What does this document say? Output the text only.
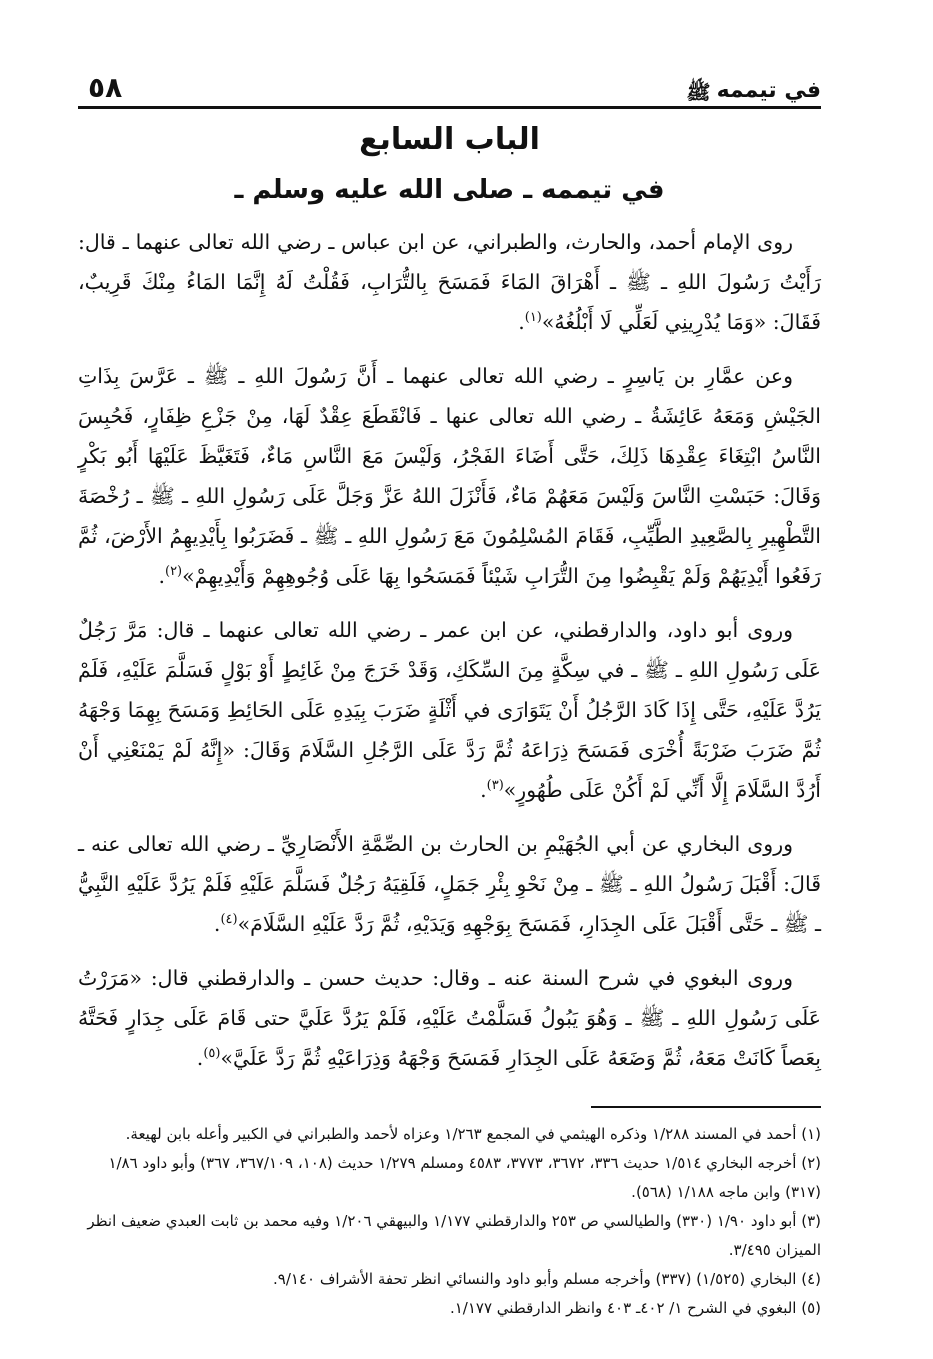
في تيممه
ﷺ
٥٨
الباب السابع
في تيممه ـ صلى الله عليه وسلم ـ

روى الإمام أحمد، والحارث، والطبراني، عن ابن عباس ـ رضي الله تعالى عنهما ـ قال: رَأَيْتُ رَسُولَ اللهِ ـ ﷺ ـ أَهْرَاقَ المَاءَ فَمَسَحَ بِالتُّرَابِ، فَقُلْتُ لَهُ إِنَّمَا المَاءُ مِنْكَ قَرِيبٌ، فَقَالَ: «وَمَا يُدْرِينِي لَعَلِّي لَا أَبْلُغُهُ»$^{(١)}$.

وعن عمَّارِ بن يَاسِرٍ ـ رضي الله تعالى عنهما ـ أَنَّ رَسُولَ اللهِ ـ ﷺ ـ عَرَّسَ بِذَاتِ الجَيْشِ وَمَعَهُ عَائِشَةُ ـ رضي الله تعالى عنها ـ فَانْقَطَعَ عِقْدٌ لَهَا، مِنْ جَزْعِ ظِفَارٍ، فَحُبِسَ النَّاسُ ابْتِغَاءَ عِقْدِهَا ذَلِكَ، حَتَّى أَضَاءَ الفَجْرُ، وَلَيْسَ مَعَ النَّاسِ مَاءٌ، فَتَغَيَّظَ عَلَيْهَا أَبُو بَكْرٍ وَقَالَ: حَبَسْتِ النَّاسَ وَلَيْسَ مَعَهُمْ مَاءٌ، فَأَنْزَلَ اللهُ عَزَّ وَجَلَّ عَلَى رَسُولِ اللهِ ـ ﷺ ـ رُخْصَةَ التَّطْهِيرِ بِالصَّعِيدِ الطَّيِّبِ، فَقَامَ المُسْلِمُونَ مَعَ رَسُولِ اللهِ ـ ﷺ ـ فَضَرَبُوا بِأَيْدِيهِمُ الأَرْضَ، ثُمَّ رَفَعُوا أَيْدِيَهُمْ وَلَمْ يَقْبِضُوا مِنَ التُّرَابِ شَيْئاً فَمَسَحُوا بِهَا عَلَى وُجُوهِهِمْ وَأَيْدِيهِمْ»$^{(٢)}$.

وروى أبو داود، والدارقطني، عن ابن عمر ـ رضي الله تعالى عنهما ـ قال: مَرَّ رَجُلٌ عَلَى رَسُولِ اللهِ ـ ﷺ ـ في سِكَّةٍ مِنَ السِّكَكِ، وَقَدْ خَرَجَ مِنْ غَائِطٍ أَوْ بَوْلٍ فَسَلَّمَ عَلَيْهِ، فَلَمْ يَرُدَّ عَلَيْهِ، حَتَّى إِذَا كَادَ الرَّجُلُ أَنْ يَتَوَارَى في أَثْلَةٍ ضَرَبَ بِيَدِهِ عَلَى الحَائِطِ وَمَسَحَ بِهِمَا وَجْهَهُ ثُمَّ ضَرَبَ ضَرْبَةً أُخْرَى فَمَسَحَ ذِرَاعَهُ ثُمَّ رَدَّ عَلَى الرَّجُلِ السَّلَامَ وَقَالَ: «إِنَّهُ لَمْ يَمْنَعْنِي أَنْ أَرُدَّ السَّلَامَ إِلَّا أَنِّي لَمْ أَكُنْ عَلَى طُهُورٍ»$^{(٣)}$.

وروى البخاري عن أبي الجُهَيْمِ بن الحارث بن الصِّمَّةِ الأَنْصَارِيِّ ـ رضي الله تعالى عنه ـ قَالَ: أَقْبَلَ رَسُولُ اللهِ ـ ﷺ ـ مِنْ نَحْوِ بِئْرِ جَمَلٍ، فَلَقِيَهُ رَجُلٌ فَسَلَّمَ عَلَيْهِ فَلَمْ يَرُدَّ عَلَيْهِ النَّبِيُّ ـ ﷺ ـ حَتَّى أَقْبَلَ عَلَى الجِدَارِ، فَمَسَحَ بِوَجْهِهِ وَيَدَيْهِ، ثُمَّ رَدَّ عَلَيْهِ السَّلَامَ»$^{(٤)}$.

وروى البغوي في شرح السنة عنه ـ وقال: حديث حسن ـ والدارقطني قال: «مَرَرْتُ عَلَى رَسُولِ اللهِ ـ ﷺ ـ وَهُوَ يَبُولُ فَسَلَّمْتُ عَلَيْهِ، فَلَمْ يَرُدَّ عَلَيَّ حتى قَامَ عَلَى جِدَارٍ فَحَتَّهُ بِعَصاً كَانَتْ مَعَهُ، ثُمَّ وَضَعَهُ عَلَى الجِدَارِ فَمَسَحَ وَجْهَهُ وَذِرَاعَيْهِ ثُمَّ رَدَّ عَلَيَّ»$^{(٥)}$.

(١) أحمد في المسند ١/٢٨٨ وذكره الهيثمي في المجمع ١/٢٦٣ وعزاه لأحمد والطبراني في الكبير وأعله بابن لهيعة.
(٢) أخرجه البخاري ١/٥١٤ حديث ٣٣٦، ٣٦٧٢، ٣٧٧٣، ٤٥٨٣ ومسلم ١/٢٧٩ حديث (١٠٨، ٣٦٧/١٠٩، ٣٦٧) وأبو داود ١/٨٦ (٣١٧) وابن ماجه ١/١٨٨ (٥٦٨).
(٣) أبو داود ١/٩٠ (٣٣٠) والطيالسي ص ٢٥٣ والدارقطني ١/١٧٧ والبيهقي ١/٢٠٦ وفيه محمد بن ثابت العبدي ضعيف انظر الميزان ٣/٤٩٥.
(٤) البخاري (١/٥٢٥) (٣٣٧) وأخرجه مسلم وأبو داود والنسائي انظر تحفة الأشراف ٩/١٤٠.
(٥) البغوي في الشرح ١/ ٤٠٢ـ ٤٠٣ وانظر الدارقطني ١/١٧٧.
